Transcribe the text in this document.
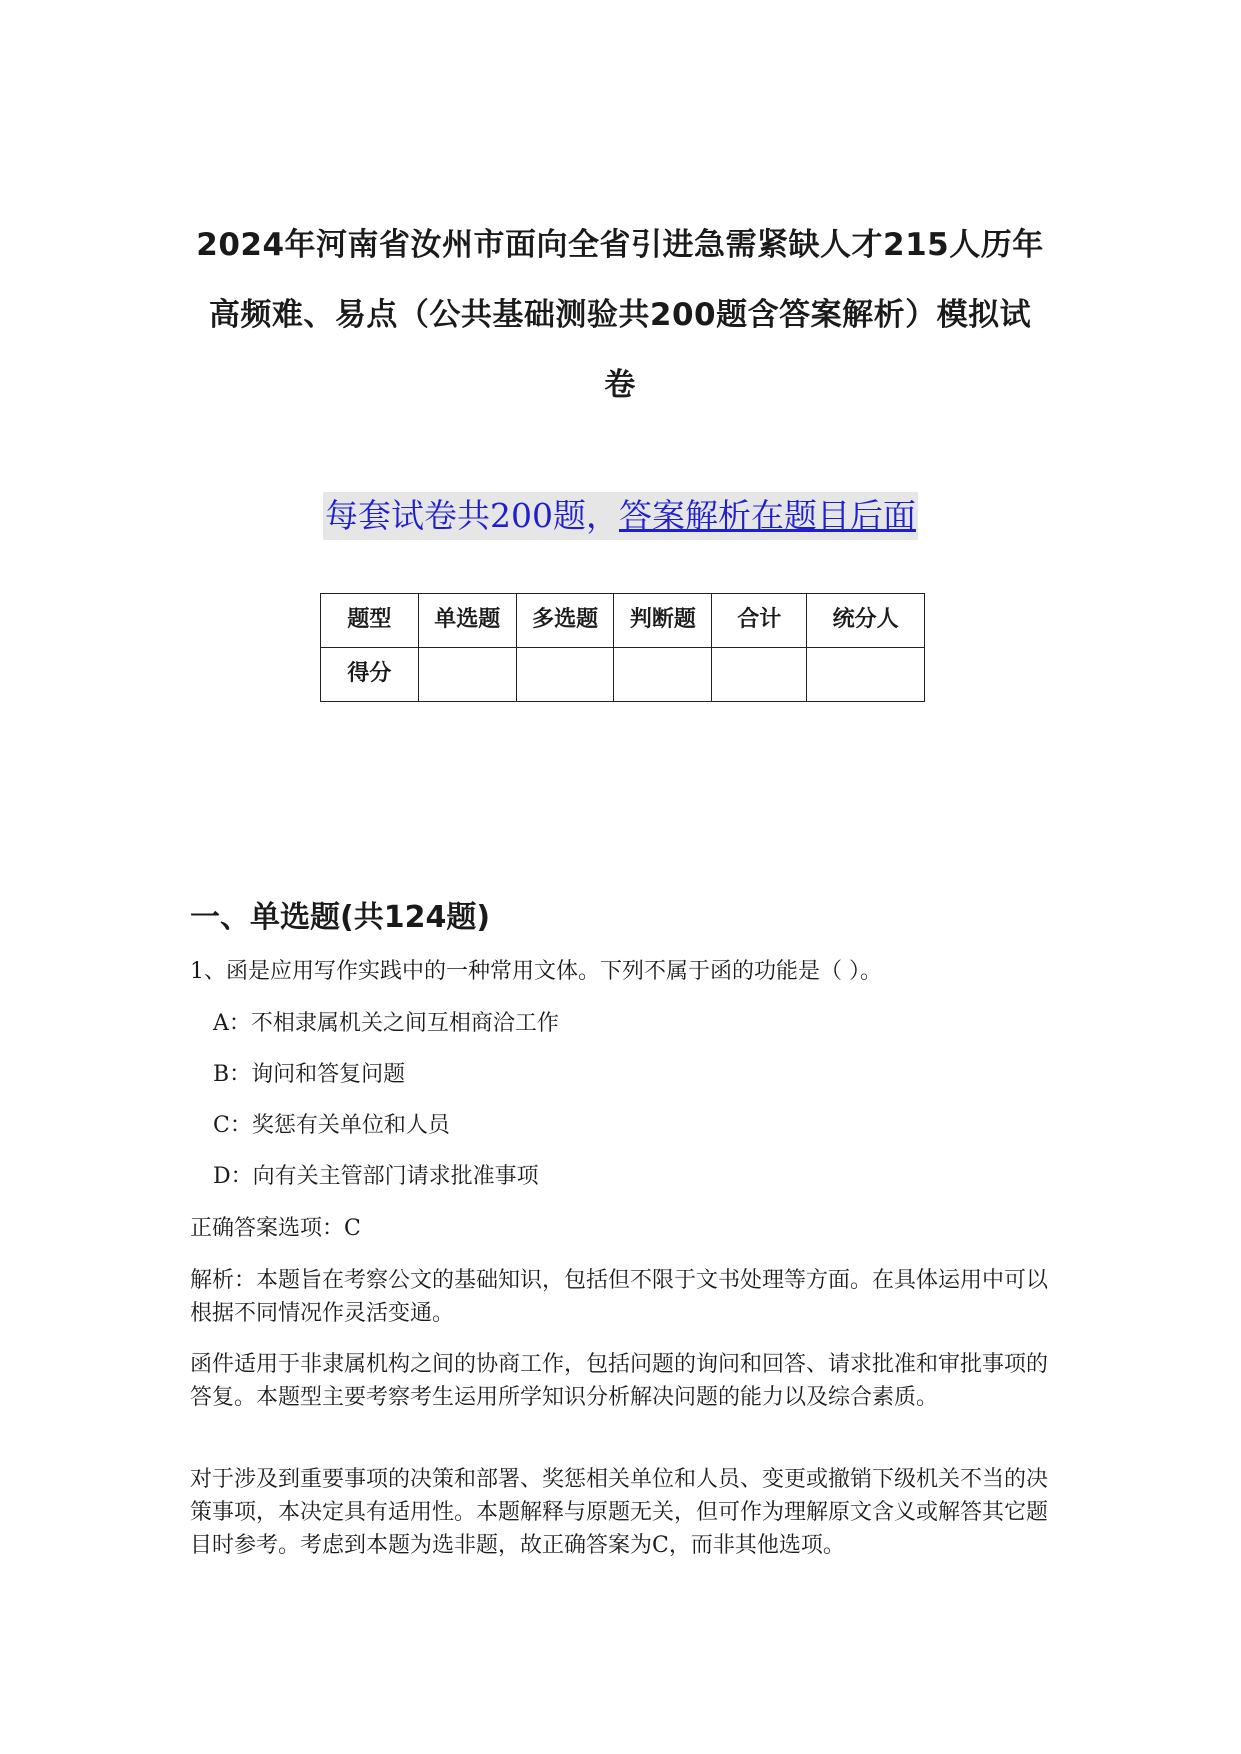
2024年河南省汝州市面向全省引进急需紧缺人才215人历年
高频难、易点（公共基础测验共200题含答案解析）模拟试
卷
每套试卷共200题，答案解析在题目后面
题型	单选题	多选题	判断题	合计	统分人
得分					
一、单选题(共124题)
1、函是应用写作实践中的一种常用文体。下列不属于函的功能是（ ）。
A：不相隶属机关之间互相商洽工作
B：询问和答复问题
C：奖惩有关单位和人员
D：向有关主管部门请求批准事项
正确答案选项：C
解析：本题旨在考察公文的基础知识，包括但不限于文书处理等方面。在具体运用中可以根据不同情况作灵活变通。
函件适用于非隶属机构之间的协商工作，包括问题的询问和回答、请求批准和审批事项的答复。本题型主要考察考生运用所学知识分析解决问题的能力以及综合素质。
对于涉及到重要事项的决策和部署、奖惩相关单位和人员、变更或撤销下级机关不当的决策事项，本决定具有适用性。本题解释与原题无关，但可作为理解原文含义或解答其它题目时参考。考虑到本题为选非题，故正确答案为C，而非其他选项。
